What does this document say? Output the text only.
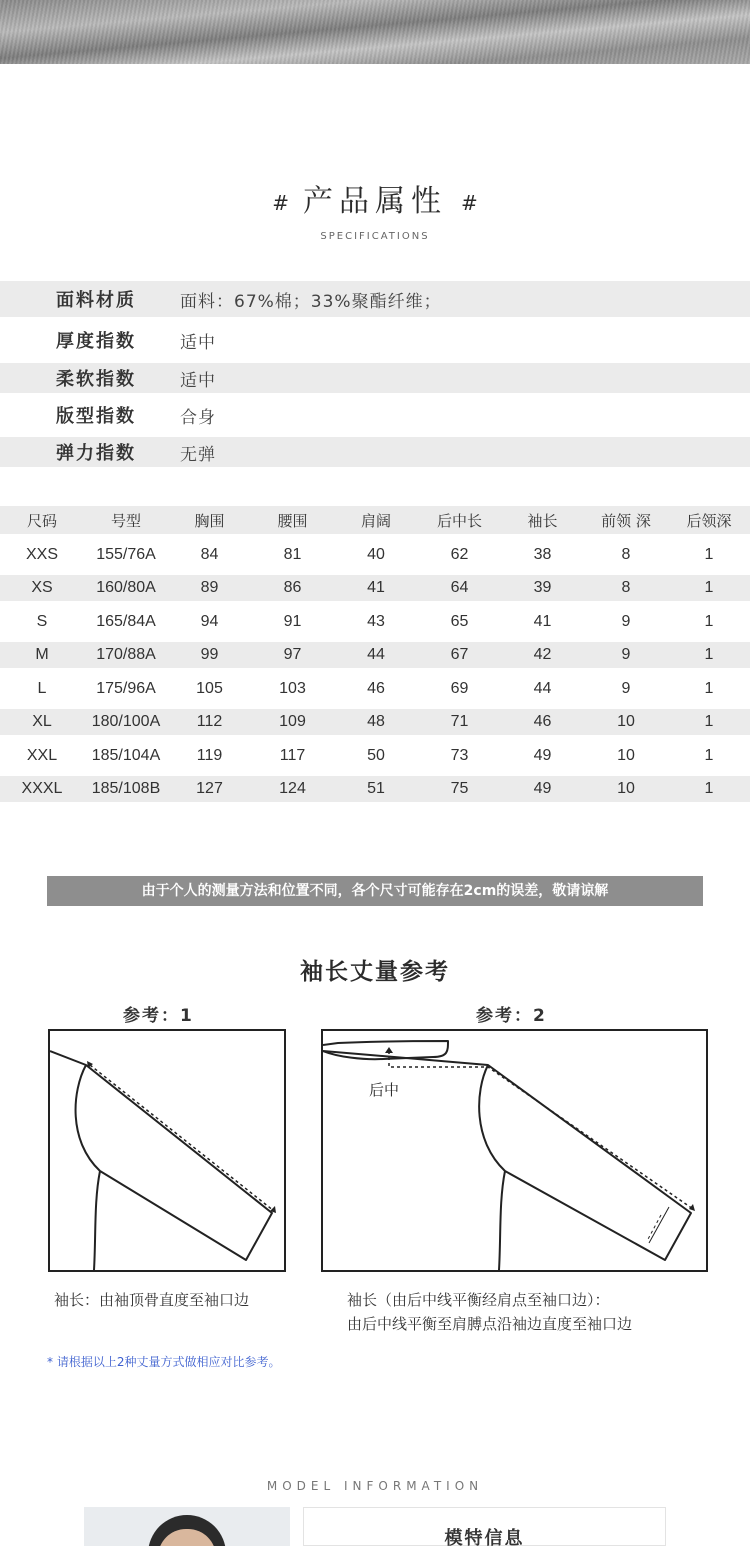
# 产品属性 #
SPECIFICATIONS
面料材质	面料：67%棉；33%聚酯纤维；
厚度指数	适中
柔软指数	适中
版型指数	合身
弹力指数	无弹
尺码	号型	胸围	腰围	肩阔	后中长	袖长	前领 深	后领深
XXS	155/76A	84	81	40	62	38	8	1
XS	160/80A	89	86	41	64	39	8	1
S	165/84A	94	91	43	65	41	9	1
M	170/88A	99	97	44	67	42	9	1
L	175/96A	105	103	46	69	44	9	1
XL	180/100A	112	109	48	71	46	10	1
XXL	185/104A	119	117	50	73	49	10	1
XXXL	185/108B	127	124	51	75	49	10	1
由于个人的测量方法和位置不同，各个尺寸可能存在2cm的误差，敬请谅解
袖长丈量参考
参考：1	参考：2
后中
袖长：由袖顶骨直度至袖口边	袖长（由后中线平衡经肩点至袖口边）：
由后中线平衡至肩膊点沿袖边直度至袖口边
* 请根据以上2种丈量方式做相应对比参考。
MODEL INFORMATION
模特信息
